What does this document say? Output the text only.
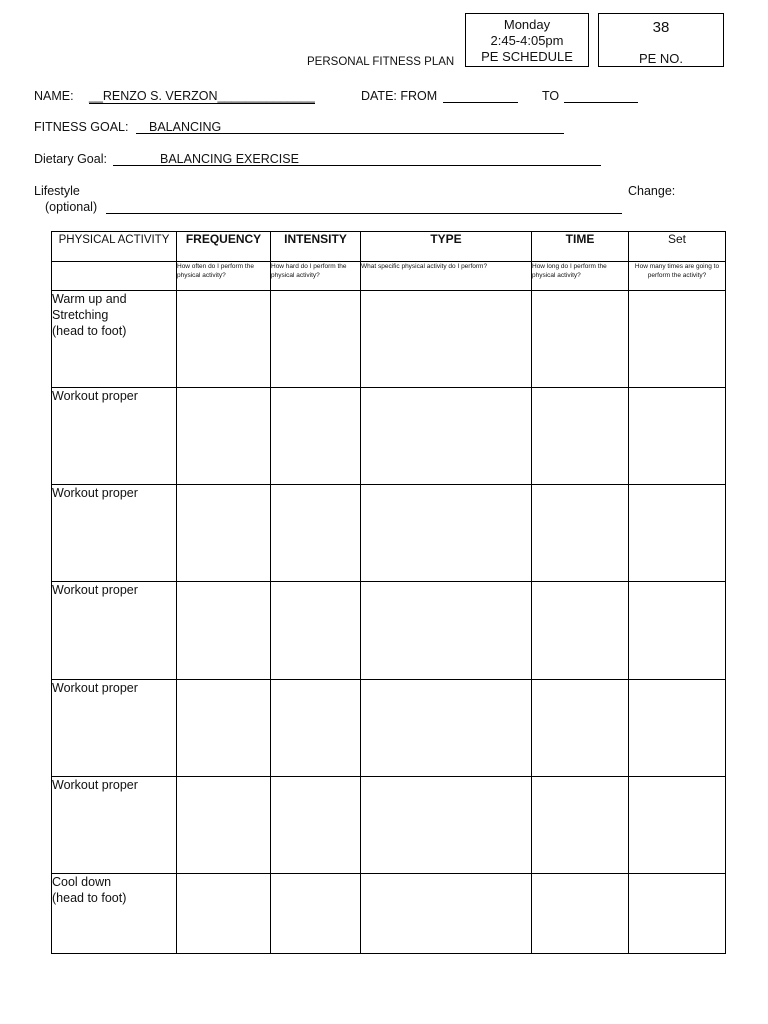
Monday
2:45-4:05pm
PE SCHEDULE
38
PE NO.
PERSONAL FITNESS PLAN
NAME: __RENZO S. VERZON______________	DATE: FROM	TO
FITNESS GOAL: BALANCING
Dietary Goal:	BALANCING EXERCISE
Lifestyle	Change:
(optional)
PHYSICAL ACTIVITY	FREQUENCY	INTENSITY	TYPE	TIME	Set
	How often do I perform the physical activity?	How hard do I perform the physical activity?	What specific physical activity do I perform?	How long do I perform the physical activity?	How many times are going to perform the activity?
Warm up and
Stretching
(head to foot)					
Workout proper					
Workout proper					
Workout proper					
Workout proper					
Workout proper					
Cool down
(head to foot)					
